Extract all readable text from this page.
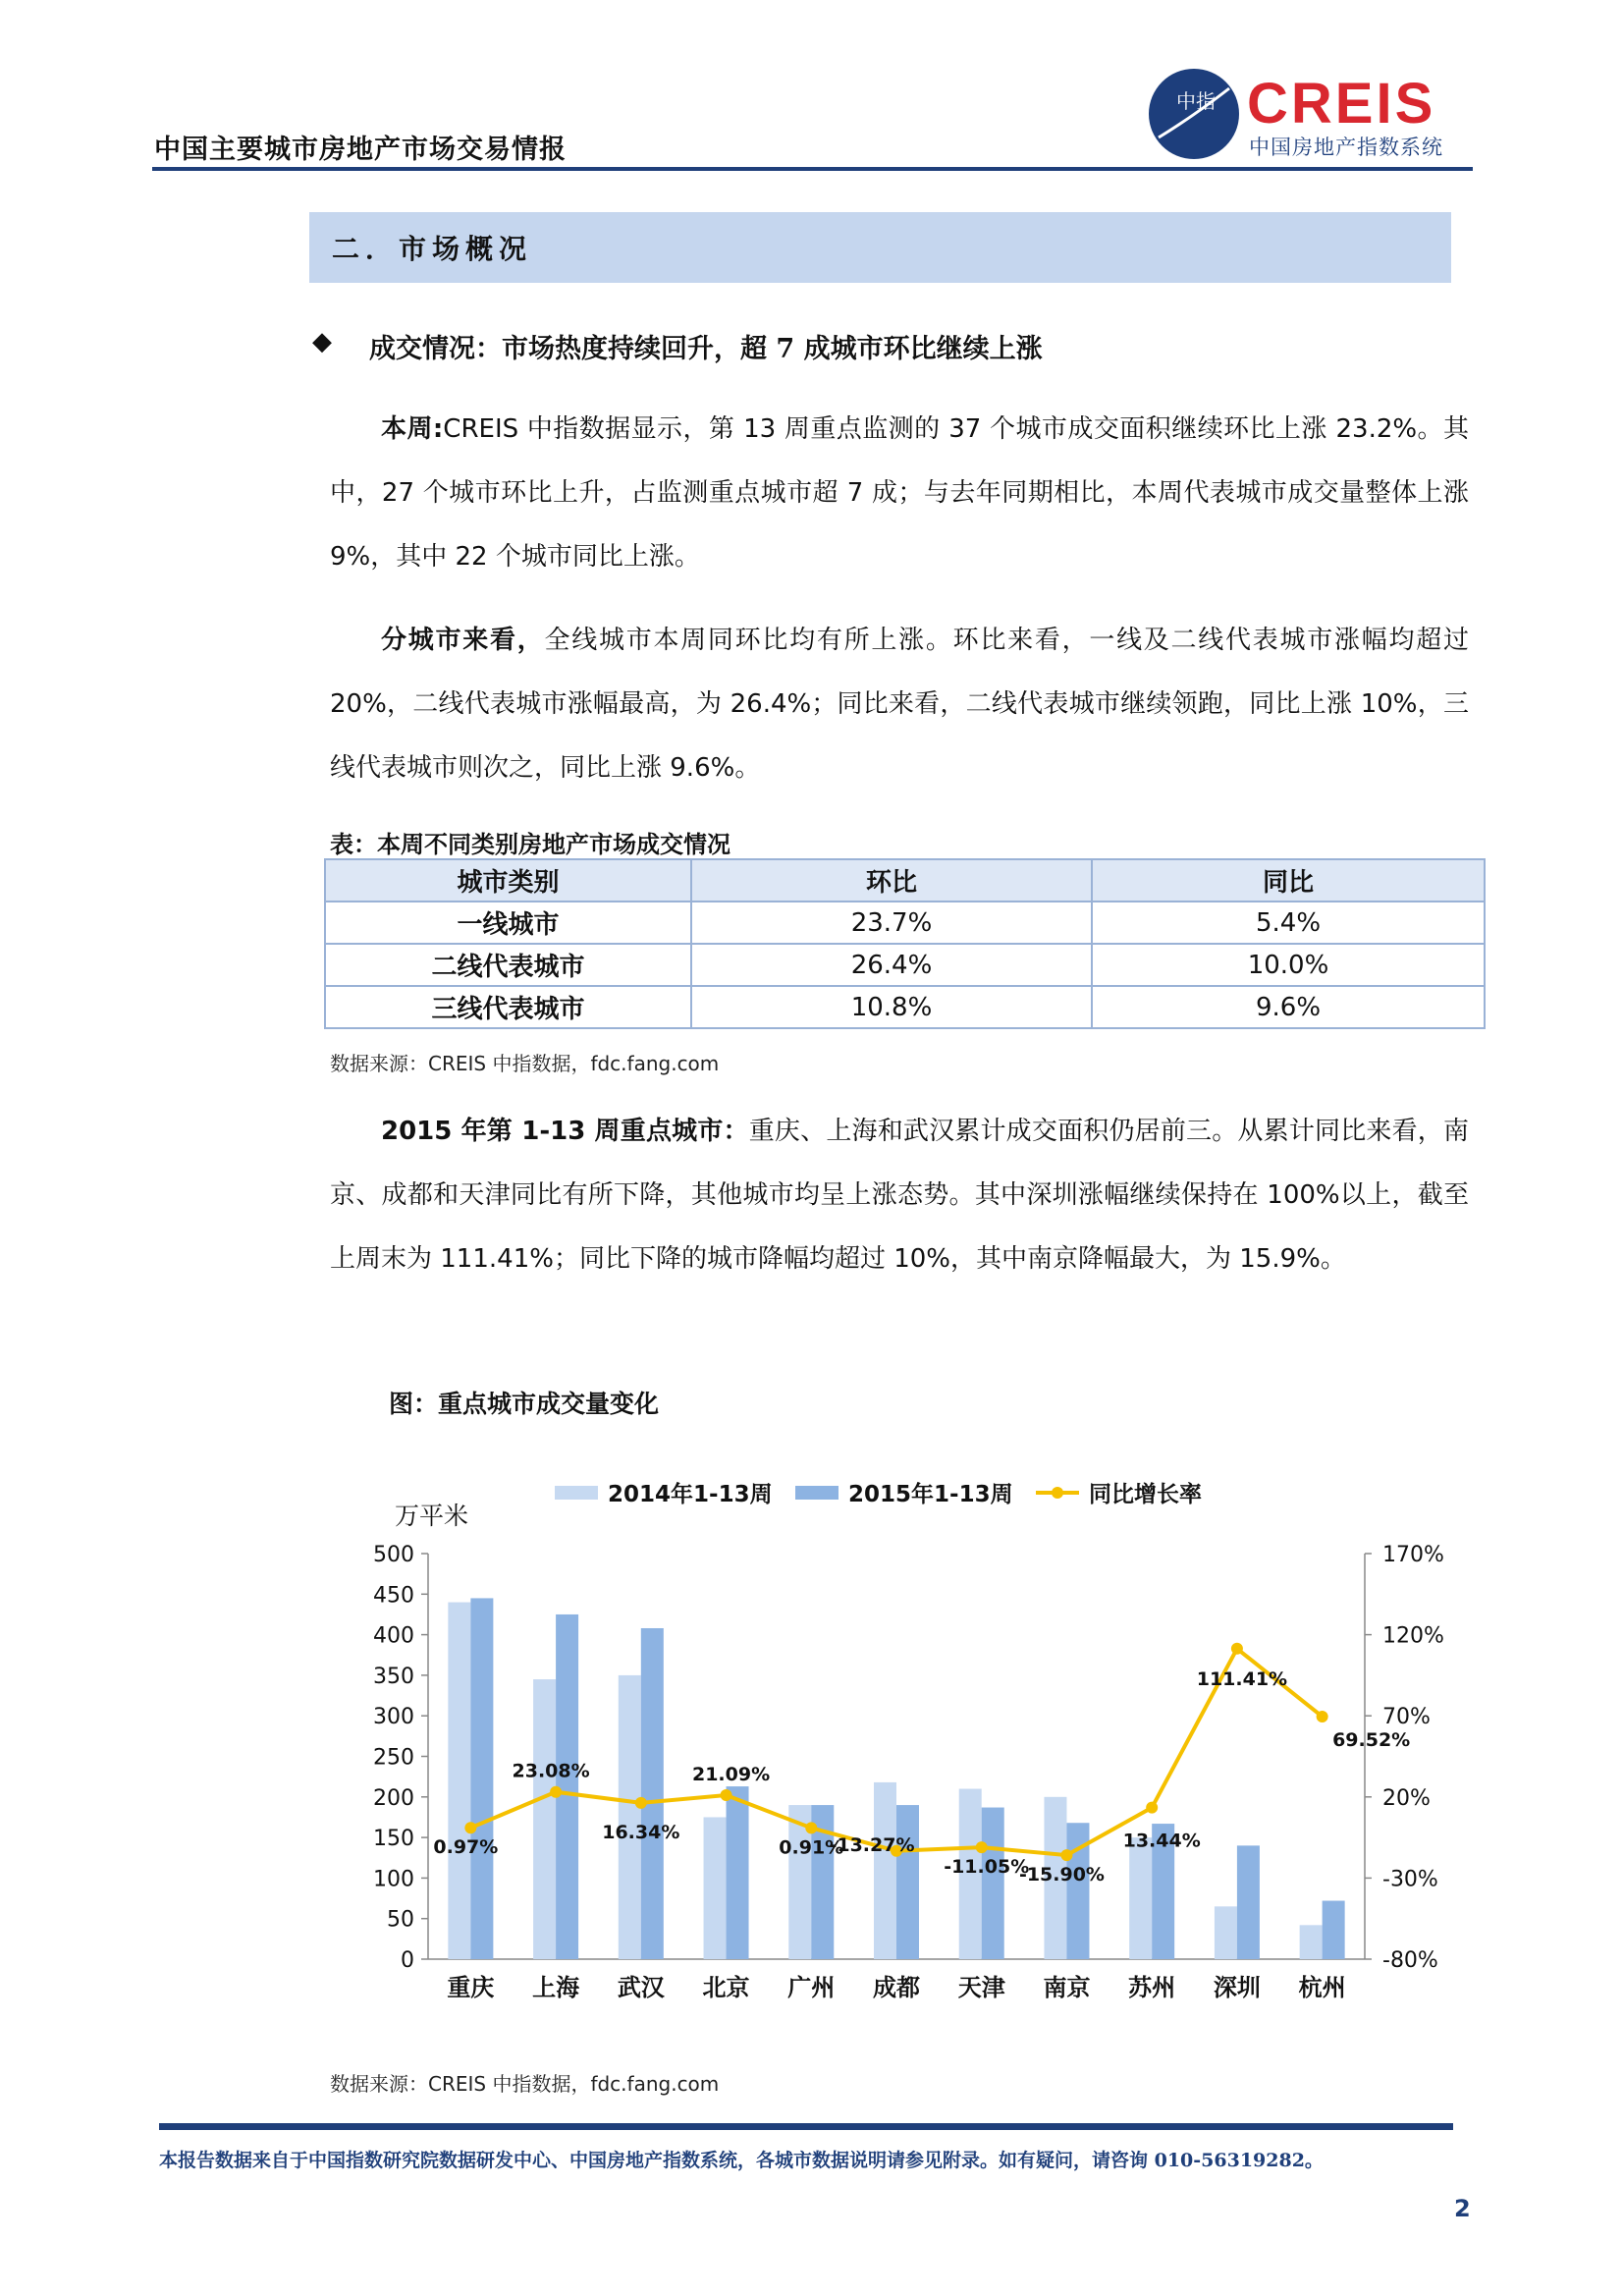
中国主要城市房地产市场交易情报
中指 CREIS
中国房地产指数系统
二．市场概况
◆ 成交情况：市场热度持续回升，超 7 成城市环比继续上涨
本周:CREIS 中指数据显示，第 13 周重点监测的 37 个城市成交面积继续环比上涨 23.2%。其中，27 个城市环比上升，占监测重点城市超 7 成；与去年同期相比，本周代表城市成交量整体上涨 9%，其中 22 个城市同比上涨。
分城市来看，全线城市本周同环比均有所上涨。环比来看，一线及二线代表城市涨幅均超过 20%，二线代表城市涨幅最高，为 26.4%；同比来看，二线代表城市继续领跑，同比上涨 10%，三线代表城市则次之，同比上涨 9.6%。
表：本周不同类别房地产市场成交情况
城市类别	环比	同比
一线城市	23.7%	5.4%
二线代表城市	26.4%	10.0%
三线代表城市	10.8%	9.6%
数据来源：CREIS 中指数据，fdc.fang.com
2015 年第 1-13 周重点城市：重庆、上海和武汉累计成交面积仍居前三。从累计同比来看，南京、成都和天津同比有所下降，其他城市均呈上涨态势。其中深圳涨幅继续保持在 100%以上，截至上周末为 111.41%；同比下降的城市降幅均超过 10%，其中南京降幅最大，为 15.9%。
图：重点城市成交量变化
0
50
100
150
200
250
300
350
400
450
500
-80%
-30%
20%
70%
120%
170%
万平米
重庆 上海 武汉 北京 广州 成都 天津 南京 苏州 深圳 杭州
0.97%
23.08%
16.34%
21.09%
0.91%
-13.27%
-11.05%
-15.90%
13.44%
111.41%
69.52%
2014年1-13周	2015年1-13周	同比增长率
数据来源：CREIS 中指数据，fdc.fang.com
本报告数据来自于中国指数研究院数据研发中心、中国房地产指数系统，各城市数据说明请参见附录。如有疑问，请咨询 010-56319282。
2
